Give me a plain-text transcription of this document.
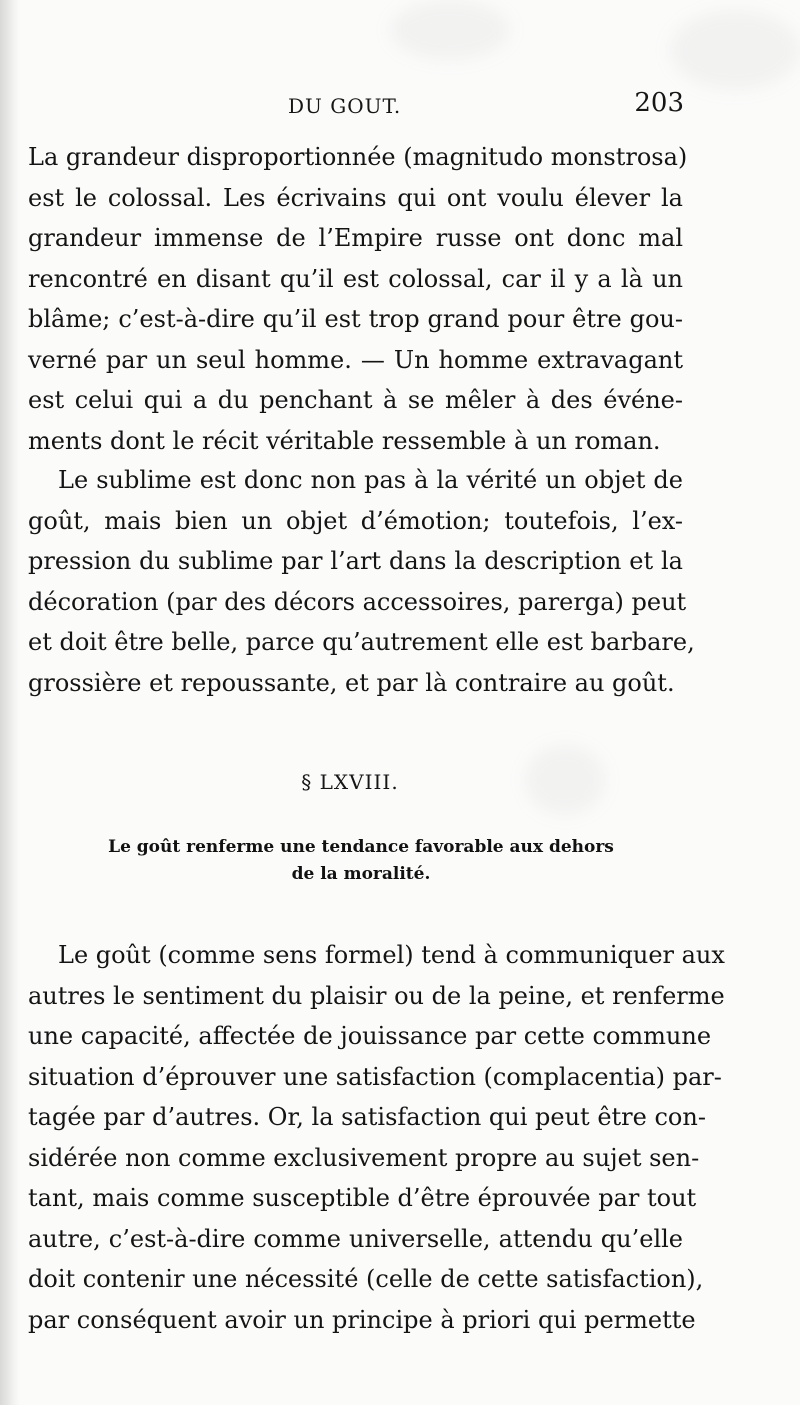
DU GOUT.	203
La grandeur disproportionnée (magnitudo monstrosa)
est le colossal. Les écrivains qui ont voulu élever la
grandeur immense de l’Empire russe ont donc mal
rencontré en disant qu’il est colossal, car il y a là un
blâme; c’est-à-dire qu’il est trop grand pour être gou-
verné par un seul homme. — Un homme extravagant
est celui qui a du penchant à se mêler à des événe-
ments dont le récit véritable ressemble à un roman.
Le sublime est donc non pas à la vérité un objet de
goût, mais bien un objet d’émotion; toutefois, l’ex-
pression du sublime par l’art dans la description et la
décoration (par des décors accessoires, parerga) peut
et doit être belle, parce qu’autrement elle est barbare,
grossière et repoussante, et par là contraire au goût.
§ LXVIII.
Le goût renferme une tendance favorable aux dehors
de la moralité.
Le goût (comme sens formel) tend à communiquer aux
autres le sentiment du plaisir ou de la peine, et renferme
une capacité, affectée de jouissance par cette commune
situation d’éprouver une satisfaction (complacentia) par-
tagée par d’autres. Or, la satisfaction qui peut être con-
sidérée non comme exclusivement propre au sujet sen-
tant, mais comme susceptible d’être éprouvée par tout
autre, c’est-à-dire comme universelle, attendu qu’elle
doit contenir une nécessité (celle de cette satisfaction),
par conséquent avoir un principe à priori qui permette
